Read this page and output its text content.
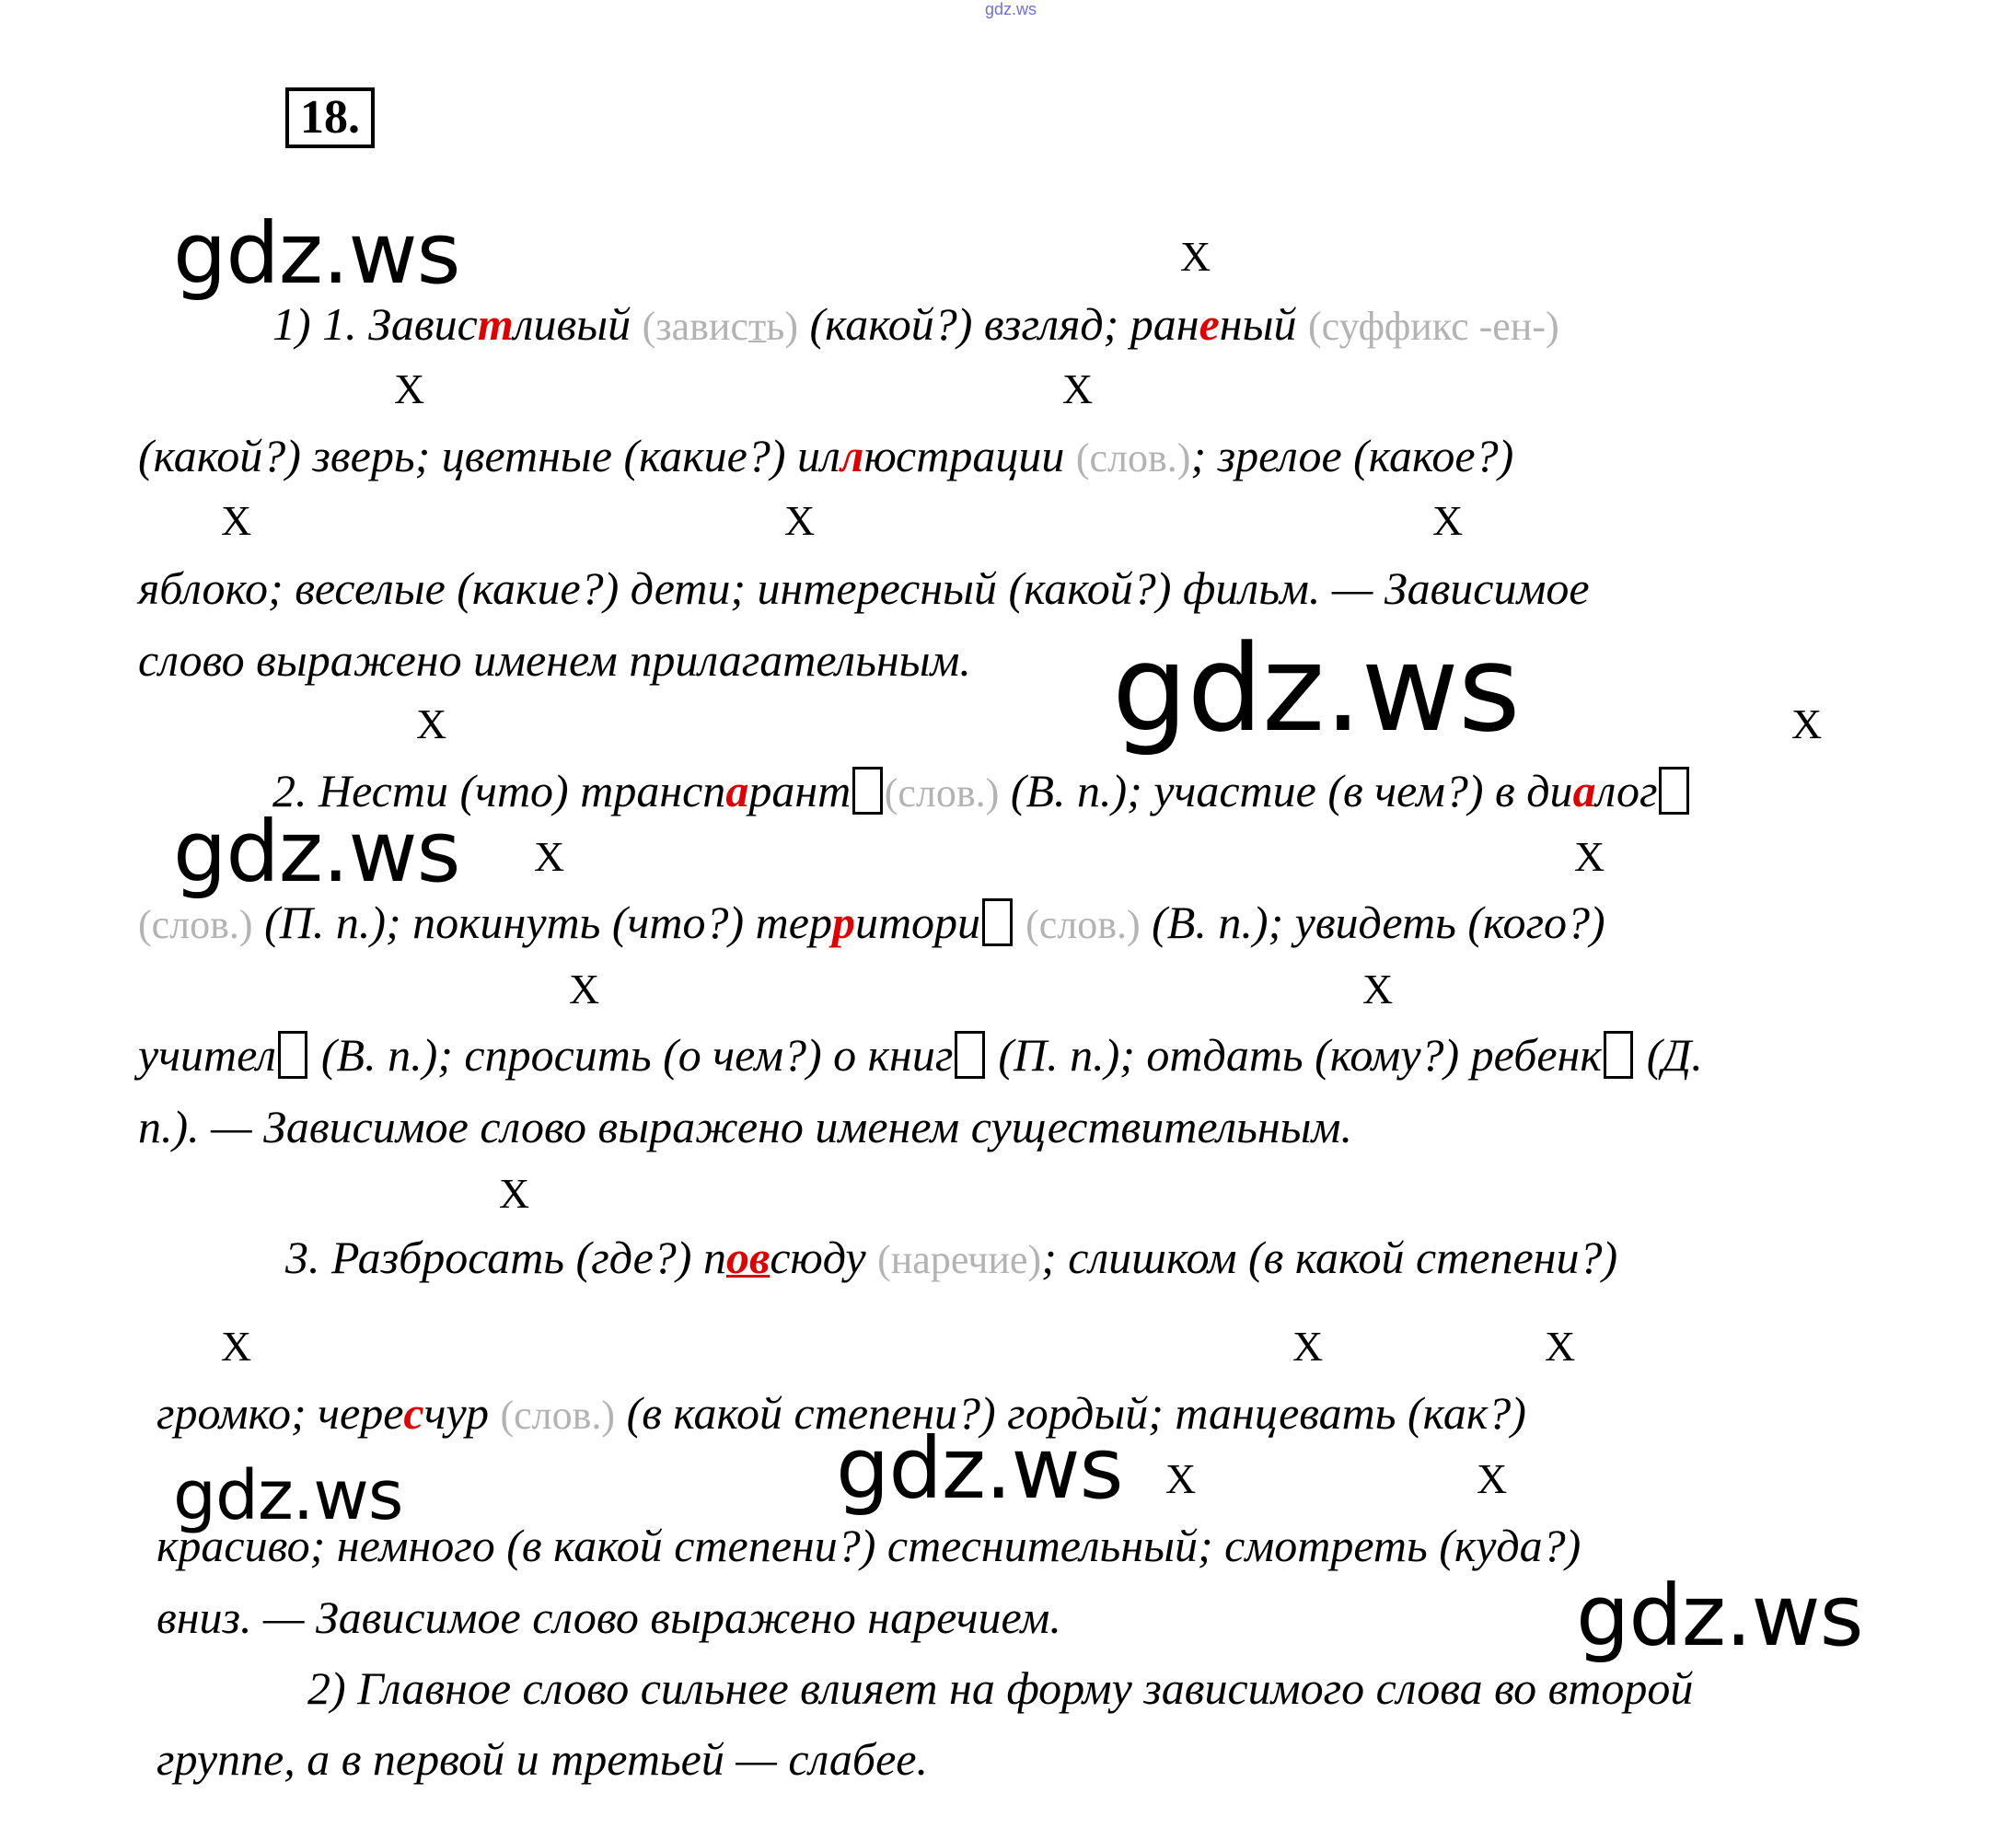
gdz.ws
18.
gdz.ws
gdz.ws
gdz.ws
gdz.ws
gdz.ws
gdz.ws
X
X	X
X	X	X
X	X
X	X
X	X
X
X	X	X
X	X
1) 1. Завистливый (зависть) (какой?) взгляд; раненый (суффикс -ен-)
(какой?) зверь; цветные (какие?) иллюстрации (слов.); зрелое (какое?)
яблоко; веселые (какие?) дети; интересный (какой?) фильм. — Зависимое
слово выражено именем прилагательным.
2. Нести (что) транспарант (слов.) (В. п.); участие (в чем?) в диалог
(слов.) (П. п.); покинуть (что?) территори (слов.) (В. п.); увидеть (кого?)
учител (В. п.); спросить (о чем?) о книг (П. п.); отдать (кому?) ребенк (Д.
п.). — Зависимое слово выражено именем существительным.
3. Разбросать (где?) повсюду (наречие); слишком (в какой степени?)
громко; чересчур (слов.) (в какой степени?) гордый; танцевать (как?)
красиво; немного (в какой степени?) стеснительный; смотреть (куда?)
вниз. — Зависимое слово выражено наречием.
2) Главное слово сильнее влияет на форму зависимого слова во второй
группе, а в первой и третьей — слабее.
